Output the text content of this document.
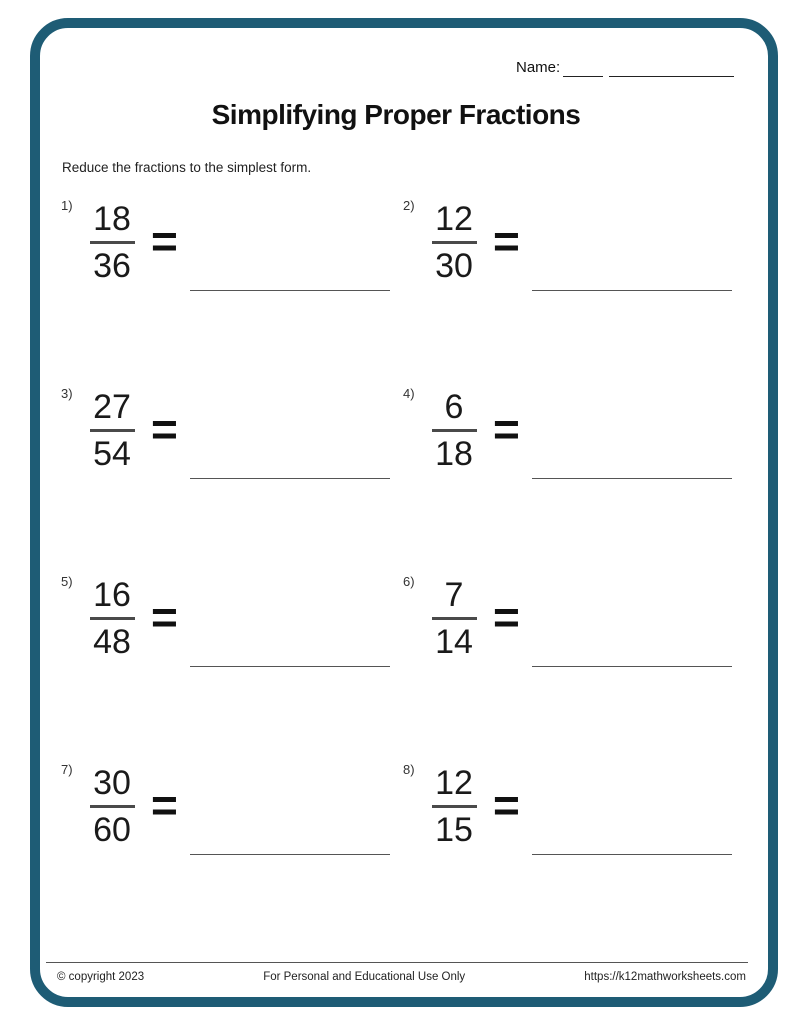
Name:
Simplifying Proper Fractions
Reduce the fractions to the simplest form.
1) 18
36 =
2) 12
30 =
3) 27
54 =
4) 6
18 =
5) 16
48 =
6) 7
14 =
7) 30
60 =
8) 12
15 =
© copyright 2023	For Personal and Educational Use Only	https://k12mathworksheets.com
